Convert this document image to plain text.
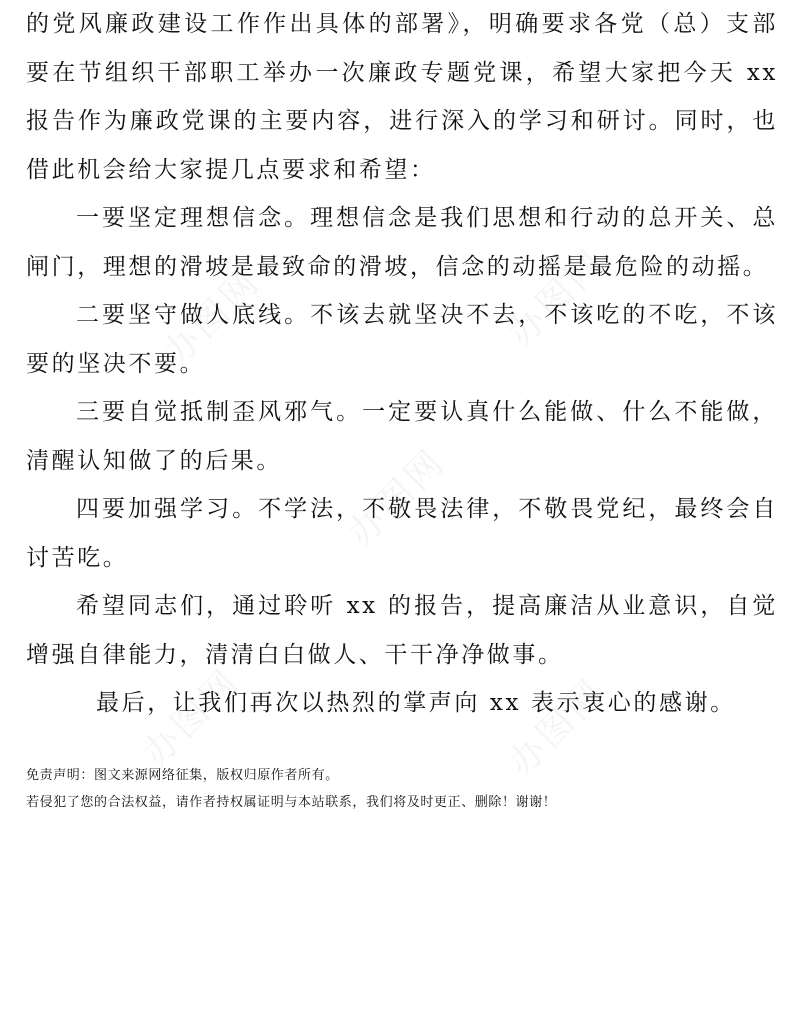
办图网	办图网
办图网
办图网	办图网

的党风廉政建设工作作出具体的部署》，明确要求各党（总）支部要在节组织干部职工举办一次廉政专题党课，希望大家把今天 xx 报告作为廉政党课的主要内容，进行深入的学习和研讨。同时，也借此机会给大家提几点要求和希望：

一要坚定理想信念。理想信念是我们思想和行动的总开关、总闸门，理想的滑坡是最致命的滑坡，信念的动摇是最危险的动摇。

二要坚守做人底线。不该去就坚决不去，不该吃的不吃，不该要的坚决不要。

三要自觉抵制歪风邪气。一定要认真什么能做、什么不能做，清醒认知做了的后果。

四要加强学习。不学法，不敬畏法律，不敬畏党纪，最终会自讨苦吃。

希望同志们，通过聆听 xx 的报告，提高廉洁从业意识，自觉增强自律能力，清清白白做人、干干净净做事。

最后，让我们再次以热烈的掌声向 xx 表示衷心的感谢。

免责声明：图文来源网络征集，版权归原作者所有。

若侵犯了您的合法权益，请作者持权属证明与本站联系，我们将及时更正、删除！谢谢！
